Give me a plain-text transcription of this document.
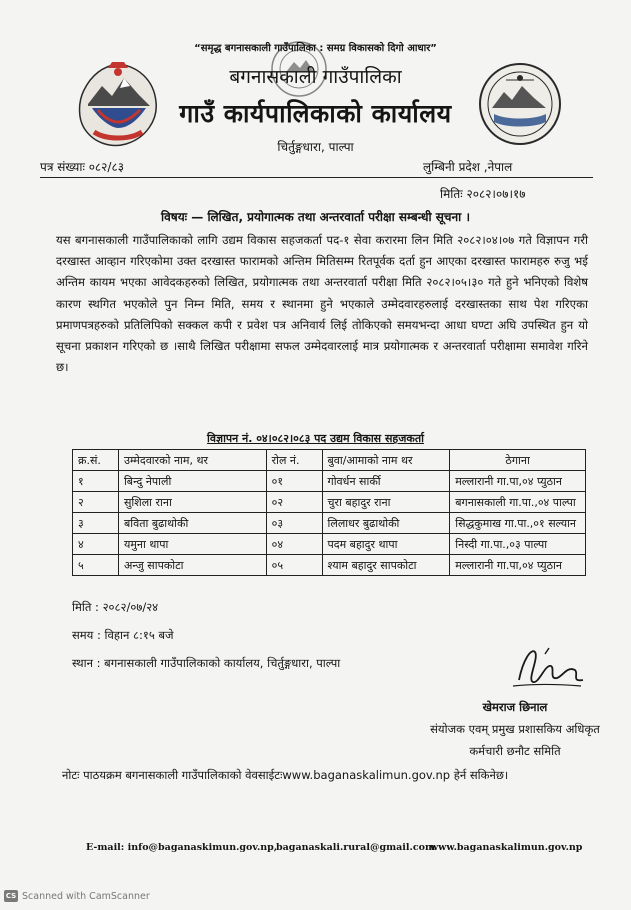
“समृद्ध बगनासकाली गाउँपालिका : समग्र विकासको दिगो आधार”
बगनासकाली गाउँपालिका
गाउँ कार्यपालिकाको कार्यालय
चिर्तुङ्गधारा, पाल्पा
पत्र संख्याः ०८२/८३	लुम्बिनी प्रदेश ,नेपाल
मितिः २०८२।०७।१७
विषयः — लिखित, प्रयोगात्मक तथा अन्तरवार्ता परीक्षा सम्बन्धी सूचना ।
यस बगनासकाली गाउँपालिकाको लागि उद्यम विकास सहजकर्ता पद-१ सेवा करारमा लिन मिति २०८२।०४।०७ गते विज्ञापन गरी दरखास्त आव्हान गरिएकोमा उक्त दरखास्त फारामको अन्तिम मितिसम्म रितपूर्वक दर्ता हुन आएका दरखास्त फारामहरु रुजु भई अन्तिम कायम भएका आवेदकहरुको लिखित, प्रयोगात्मक तथा अन्तरवार्ता परीक्षा मिति २०८२।०५।३० गते हुने भनिएको विशेष कारण स्थगित भएकोले पुन निम्न मिति, समय र स्थानमा हुने भएकाले उम्मेदवारहरुलाई दरखास्तका साथ पेश गरिएका प्रमाणपत्रहरुको प्रतिलिपिको सक्कल कपी र प्रवेश पत्र अनिवार्य लिई तोकिएको समयभन्दा आधा घण्टा अघि उपस्थित हुन यो सूचना प्रकाशन गरिएको छ ।साथै लिखित परीक्षामा सफल उम्मेदवारलाई मात्र प्रयोगात्मक र अन्तरवार्ता परीक्षामा समावेश गरिने छ।
विज्ञापन नं. ०४।०८२।०८३ पद उद्यम विकास सहजकर्ता
क्र.सं.	उम्मेदवारको नाम, थर	रोल नं.	बुवा/आमाको नाम थर	ठेगाना
१	बिन्दु नेपाली	०१	गोवर्धन सार्की	मल्लारानी गा.पा,०४ प्युठान
२	सुशिला राना	०२	चुरा बहादुर राना	बगनासकाली गा.पा.,०४ पाल्पा
३	बविता बुढाथोकी	०३	लिलाधर बुढाथोकी	सिद्धकुमाख गा.पा.,०१ सल्यान
४	यमुना थापा	०४	पदम बहादुर थापा	निस्दी गा.पा.,०३ पाल्पा
५	अन्जु सापकोटा	०५	श्याम बहादुर सापकोटा	मल्लारानी गा.पा,०४ प्युठान
मिति : २०८२/०७/२४
समय : विहान ८:१५ बजे
स्थान : बगनासकाली गाउँपालिकाको कार्यालय, चिर्तुङ्गधारा, पाल्पा
खेमराज छिनाल
संयोजक एवम् प्रमुख प्रशासकिय अधिकृत
कर्मचारी छनौट समिति
नोटः पाठयक्रम बगनासकाली गाउँपालिकाको वेवसाईटःwww.baganaskalimun.gov.np हेर्न सकिनेछ।
E-mail: info@baganaskimun.gov.np,
baganaskali.rural@gmail.com
www.baganaskalimun.gov.np
CS Scanned with CamScanner
